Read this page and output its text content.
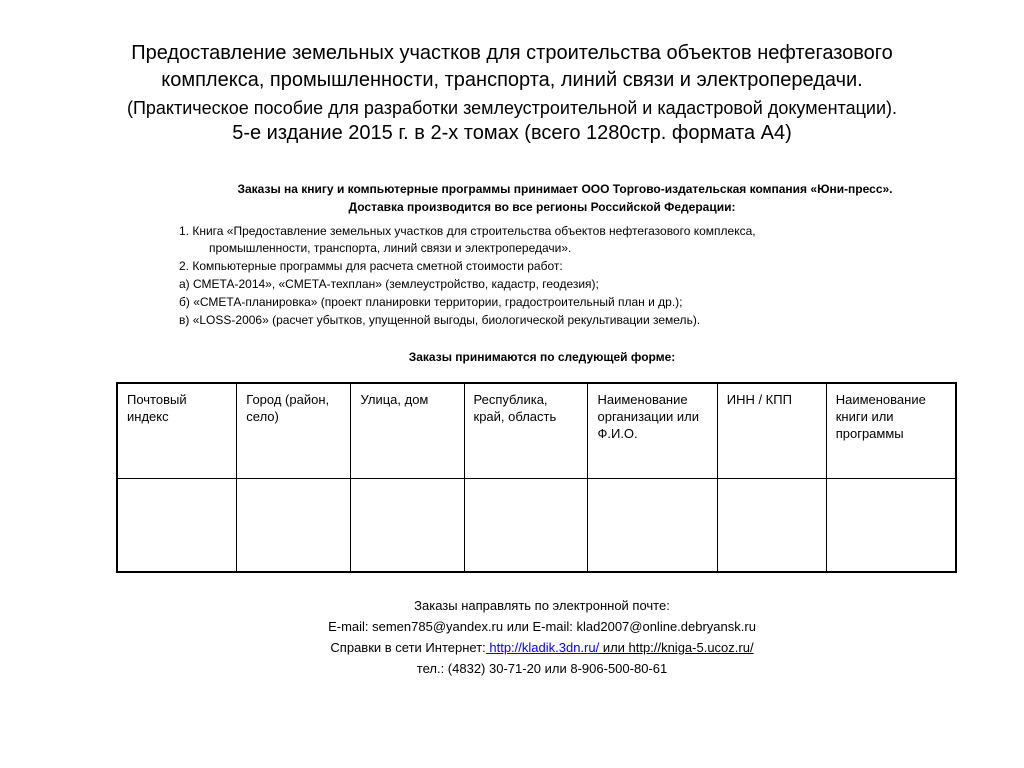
Предоставление земельных участков для строительства объектов нефтегазового

комплекса, промышленности, транспорта, линий связи и электропередачи.

(Практическое пособие для разработки землеустроительной и кадастровой документации).

5-е издание 2015 г. в 2-х томах (всего 1280стр. формата А4)

Заказы на книгу и компьютерные программы принимает ООО Торгово-издательская компания «Юни-пресс».
Доставка производится во все регионы Российской Федерации:
1. Книга «Предоставление земельных участков для строительства объектов нефтегазового комплекса,
промышленности, транспорта, линий связи и электропередачи».
2. Компьютерные программы для расчета сметной стоимости работ:
а) СМЕТА-2014», «СМЕТА-техплан» (землеустройство, кадастр, геодезия);
б) «СМЕТА-планировка» (проект планировки территории, градостроительный план и др.);
в) «LOSS-2006» (расчет убытков, упущенной выгоды, биологической рекультивации земель).
Заказы принимаются по следующей форме:
Почтовый индекс	Город (район, село)	Улица, дом	Республика, край, область	Наименование организации или Ф.И.О.	ИНН / КПП	Наименование книги или программы

Заказы направлять по электронной почте:
E-mail: semen785@yandex.ru или E-mail: klad2007@online.debryansk.ru
Справки в сети Интернет: http://kladik.3dn.ru/ или http://kniga-5.ucoz.ru/
тел.: (4832) 30-71-20 или 8-906-500-80-61
